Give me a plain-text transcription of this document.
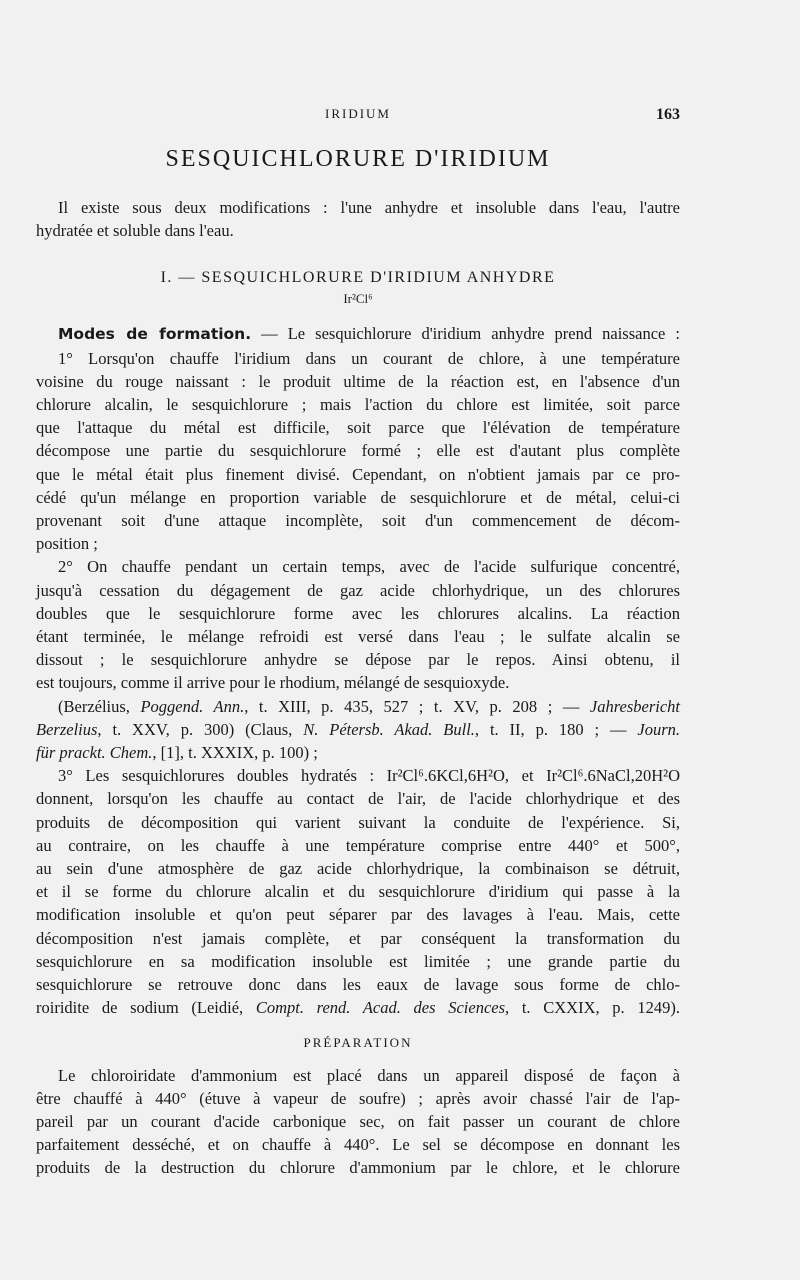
IRIDIUM	163
SESQUICHLORURE D'IRIDIUM

Il existe sous deux modifications : l'une anhydre et insoluble dans l'eau, l'autre
hydratée et soluble dans l'eau.

I. — SESQUICHLORURE D'IRIDIUM ANHYDRE
Ir²Cl⁶

Modes de formation. — Le sesquichlorure d'iridium anhydre prend naissance :
1° Lorsqu'on chauffe l'iridium dans un courant de chlore, à une température
voisine du rouge naissant : le produit ultime de la réaction est, en l'absence d'un
chlorure alcalin, le sesquichlorure ; mais l'action du chlore est limitée, soit parce
que l'attaque du métal est difficile, soit parce que l'élévation de température
décompose une partie du sesquichlorure formé ; elle est d'autant plus complète
que le métal était plus finement divisé. Cependant, on n'obtient jamais par ce pro-
cédé qu'un mélange en proportion variable de sesquichlorure et de métal, celui-ci
provenant soit d'une attaque incomplète, soit d'un commencement de décom-
position ;

2° On chauffe pendant un certain temps, avec de l'acide sulfurique concentré,
jusqu'à cessation du dégagement de gaz acide chlorhydrique, un des chlorures
doubles que le sesquichlorure forme avec les chlorures alcalins. La réaction
étant terminée, le mélange refroidi est versé dans l'eau ; le sulfate alcalin se
dissout ; le sesquichlorure anhydre se dépose par le repos. Ainsi obtenu, il
est toujours, comme il arrive pour le rhodium, mélangé de sesquioxyde.

(Berzélius, Poggend. Ann., t. XIII, p. 435, 527 ; t. XV, p. 208 ; — Jahresbericht
Berzelius, t. XXV, p. 300) (Claus, N. Pétersb. Akad. Bull., t. II, p. 180 ; — Journ.
für prackt. Chem., [1], t. XXXIX, p. 100) ;

3° Les sesquichlorures doubles hydratés : Ir²Cl⁶.6KCl,6H²O, et Ir²Cl⁶.6NaCl,20H²O
donnent, lorsqu'on les chauffe au contact de l'air, de l'acide chlorhydrique et des
produits de décomposition qui varient suivant la conduite de l'expérience. Si,
au contraire, on les chauffe à une température comprise entre 440° et 500°,
au sein d'une atmosphère de gaz acide chlorhydrique, la combinaison se détruit,
et il se forme du chlorure alcalin et du sesquichlorure d'iridium qui passe à la
modification insoluble et qu'on peut séparer par des lavages à l'eau. Mais, cette
décomposition n'est jamais complète, et par conséquent la transformation du
sesquichlorure en sa modification insoluble est limitée ; une grande partie du
sesquichlorure se retrouve donc dans les eaux de lavage sous forme de chlo-
roiridite de sodium (Leidié, Compt. rend. Acad. des Sciences, t. CXXIX, p. 1249).

PRÉPARATION

Le chloroiridate d'ammonium est placé dans un appareil disposé de façon à
être chauffé à 440° (étuve à vapeur de soufre) ; après avoir chassé l'air de l'ap-
pareil par un courant d'acide carbonique sec, on fait passer un courant de chlore
parfaitement desséché, et on chauffe à 440°. Le sel se décompose en donnant les
produits de la destruction du chlorure d'ammonium par le chlore, et le chlorure
